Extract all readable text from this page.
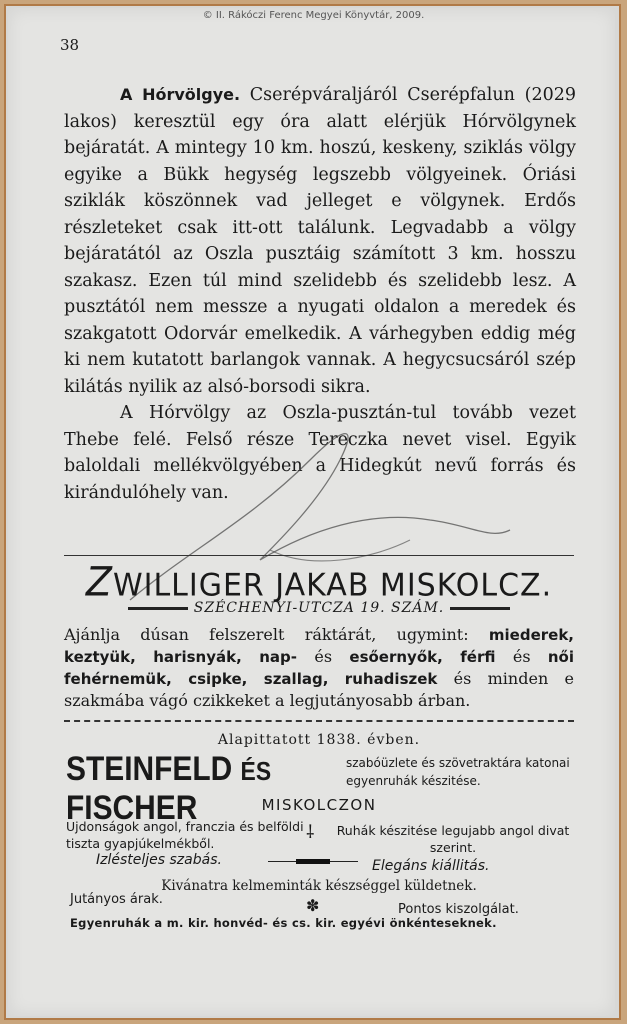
© II. Rákóczi Ferenc Megyei Könyvtár, 2009.
38

A Hórvölgye. Cserépváraljáról Cserépfalun (2029 lakos) keresztül egy óra alatt elérjük Hórvölgynek bejáratát. A mintegy 10 km. hoszú, keskeny, sziklás völgy egyike a Bükk hegység legszebb völgyeinek. Óriási sziklák köszönnek vad jelleget e völgynek. Erdős részleteket csak itt-ott találunk. Legvadabb a völgy bejáratától az Oszla pusztáig számított 3 km. hosszu szakasz. Ezen túl mind szelidebb és szelidebb lesz. A pusztától nem messze a nyugati oldalon a meredek és szakgatott Odorvár emelkedik. A várhegyben eddig még ki nem kutatott barlangok vannak. A hegycsucsáról szép kilátás nyilik az alsó-borsodi sikra.

A Hórvölgy az Oszla-pusztán-tul tovább vezet Thebe felé. Felső része Tereczka nevet visel. Egyik baloldali mellékvölgyében a Hidegkút nevű forrás és kirándulóhely van.

ZWILLIGER JAKAB MISKOLCZ.
SZÉCHENYI-UTCZA 19. SZÁM.
Ajánlja dúsan felszerelt ráktárát, ugymint: miederek, keztyük, harisnyák, nap- és esőernyők, férfi és női fehérnemük, csipke, szallag, ruhadiszek és minden e szakmába vágó czikkeket a legjutányosabb árban.
Alapittatott 1838. évben.
STEINFELD ÉS FISCHER
szabóüzlete és szövetraktára katonai egyenruhák készitése.
MISKOLCZON
Ujdonságok angol, franczia és belföldi tiszta gyapjúkelmékből.
⸸	Ruhák készitése legujabb angol divat szerint.
Izlésteljes szabás.	Elegáns kiállitás.
Kivánatra kelmeminták készséggel küldetnek.
Jutányos árak.	✽	Pontos kiszolgálat.
Egyenruhák a m. kir. honvéd- és cs. kir. egyévi önkénteseknek.
